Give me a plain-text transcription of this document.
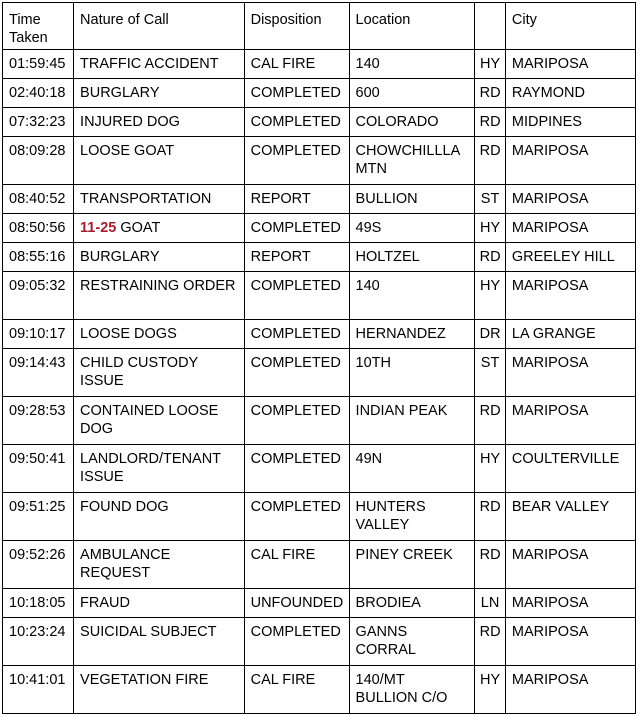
Time Taken	Nature of Call	Disposition	Location		City
01:59:45	TRAFFIC ACCIDENT	CAL FIRE	140	HY	MARIPOSA
02:40:18	BURGLARY	COMPLETED	600	RD	RAYMOND
07:32:23	INJURED DOG	COMPLETED	COLORADO	RD	MIDPINES
08:09:28	LOOSE GOAT	COMPLETED	CHOWCHILLLA MTN	RD	MARIPOSA
08:40:52	TRANSPORTATION	REPORT	BULLION	ST	MARIPOSA
08:50:56	11-25 GOAT	COMPLETED	49S	HY	MARIPOSA
08:55:16	BURGLARY	REPORT	HOLTZEL	RD	GREELEY HILL
09:05:32	RESTRAINING ORDER	COMPLETED	140	HY	MARIPOSA
09:10:17	LOOSE DOGS	COMPLETED	HERNANDEZ	DR	LA GRANGE
09:14:43	CHILD CUSTODY ISSUE	COMPLETED	10TH	ST	MARIPOSA
09:28:53	CONTAINED LOOSE DOG	COMPLETED	INDIAN PEAK	RD	MARIPOSA
09:50:41	LANDLORD/TENANT ISSUE	COMPLETED	49N	HY	COULTERVILLE
09:51:25	FOUND DOG	COMPLETED	HUNTERS VALLEY	RD	BEAR VALLEY
09:52:26	AMBULANCE REQUEST	CAL FIRE	PINEY CREEK	RD	MARIPOSA
10:18:05	FRAUD	UNFOUNDED	BRODIEA	LN	MARIPOSA
10:23:24	SUICIDAL SUBJECT	COMPLETED	GANNS CORRAL	RD	MARIPOSA
10:41:01	VEGETATION FIRE	CAL FIRE	140/MT BULLION C/O	HY	MARIPOSA
